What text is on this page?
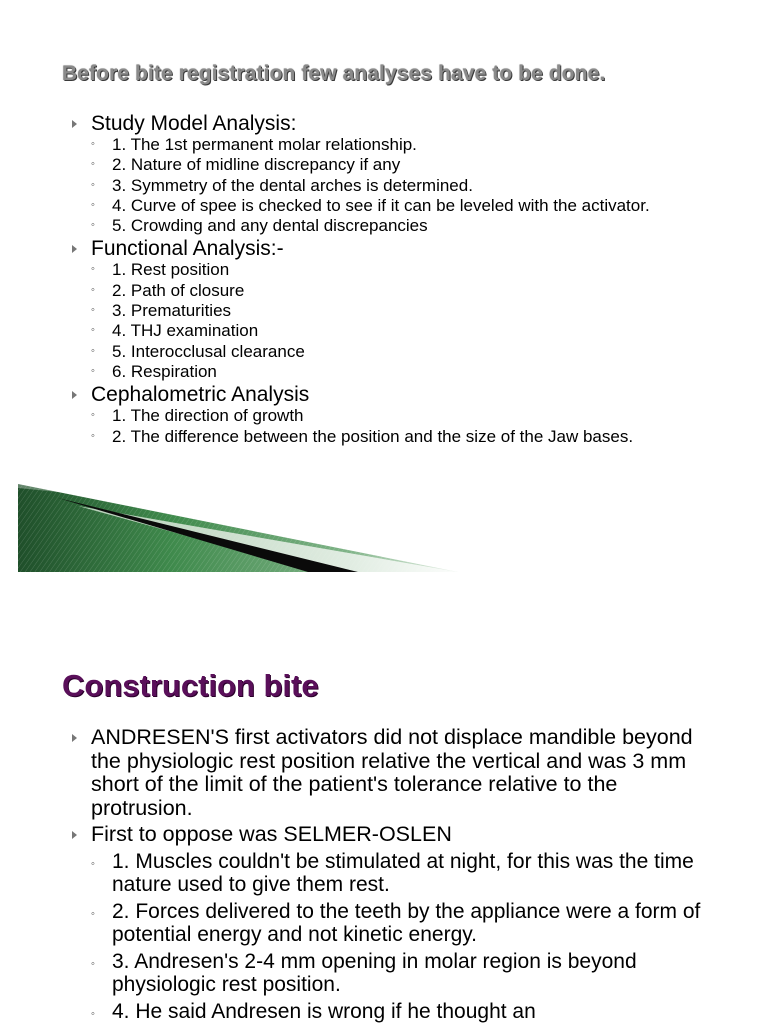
Before bite registration few analyses have to be done.
Study Model Analysis:
◦ 1. The 1st permanent molar relationship.
◦ 2. Nature of midline discrepancy if any
◦ 3. Symmetry of the dental arches is determined.
◦ 4. Curve of spee is checked to see if it can be leveled with the activator.
◦ 5. Crowding and any dental discrepancies
Functional Analysis:-
◦ 1. Rest position
◦ 2. Path of closure
◦ 3. Prematurities
◦ 4. THJ examination
◦ 5. Interocclusal clearance
◦ 6. Respiration
Cephalometric Analysis
◦ 1. The direction of growth
◦ 2. The difference between the position and the size of the Jaw bases.
Construction bite
ANDRESEN'S first activators did not displace mandible beyond the physiologic rest position relative the vertical and was 3 mm short of the limit of the patient's tolerance relative to the protrusion.
First to oppose was SELMER-OSLEN
◦ 1. Muscles couldn't be stimulated at night, for this was the time nature used to give them rest.
◦ 2. Forces delivered to the teeth by the appliance were a form of potential energy and not kinetic energy.
◦ 3. Andresen's 2-4 mm opening in molar region is beyond physiologic rest position.
◦ 4. He said Andresen is wrong if he thought an
